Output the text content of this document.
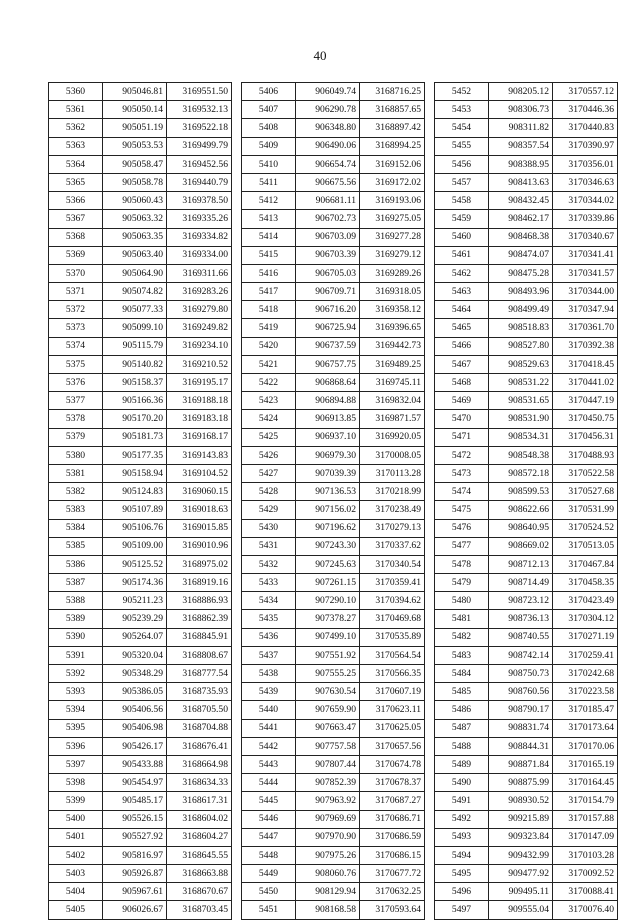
40
5360	905046.81	3169551.50
5361	905050.14	3169532.13
5362	905051.19	3169522.18
5363	905053.53	3169499.79
5364	905058.47	3169452.56
5365	905058.78	3169440.79
5366	905060.43	3169378.50
5367	905063.32	3169335.26
5368	905063.35	3169334.82
5369	905063.40	3169334.00
5370	905064.90	3169311.66
5371	905074.82	3169283.26
5372	905077.33	3169279.80
5373	905099.10	3169249.82
5374	905115.79	3169234.10
5375	905140.82	3169210.52
5376	905158.37	3169195.17
5377	905166.36	3169188.18
5378	905170.20	3169183.18
5379	905181.73	3169168.17
5380	905177.35	3169143.83
5381	905158.94	3169104.52
5382	905124.83	3169060.15
5383	905107.89	3169018.63
5384	905106.76	3169015.85
5385	905109.00	3169010.96
5386	905125.52	3168975.02
5387	905174.36	3168919.16
5388	905211.23	3168886.93
5389	905239.29	3168862.39
5390	905264.07	3168845.91
5391	905320.04	3168808.67
5392	905348.29	3168777.54
5393	905386.05	3168735.93
5394	905406.56	3168705.50
5395	905406.98	3168704.88
5396	905426.17	3168676.41
5397	905433.88	3168664.98
5398	905454.97	3168634.33
5399	905485.17	3168617.31
5400	905526.15	3168604.02
5401	905527.92	3168604.27
5402	905816.97	3168645.55
5403	905926.87	3168663.88
5404	905967.61	3168670.67
5405	906026.67	3168703.45
5406	906049.74	3168716.25
5407	906290.78	3168857.65
5408	906348.80	3168897.42
5409	906490.06	3168994.25
5410	906654.74	3169152.06
5411	906675.56	3169172.02
5412	906681.11	3169193.06
5413	906702.73	3169275.05
5414	906703.09	3169277.28
5415	906703.39	3169279.12
5416	906705.03	3169289.26
5417	906709.71	3169318.05
5418	906716.20	3169358.12
5419	906725.94	3169396.65
5420	906737.59	3169442.73
5421	906757.75	3169489.25
5422	906868.64	3169745.11
5423	906894.88	3169832.04
5424	906913.85	3169871.57
5425	906937.10	3169920.05
5426	906979.30	3170008.05
5427	907039.39	3170113.28
5428	907136.53	3170218.99
5429	907156.02	3170238.49
5430	907196.62	3170279.13
5431	907243.30	3170337.62
5432	907245.63	3170340.54
5433	907261.15	3170359.41
5434	907290.10	3170394.62
5435	907378.27	3170469.68
5436	907499.10	3170535.89
5437	907551.92	3170564.54
5438	907555.25	3170566.35
5439	907630.54	3170607.19
5440	907659.90	3170623.11
5441	907663.47	3170625.05
5442	907757.58	3170657.56
5443	907807.44	3170674.78
5444	907852.39	3170678.37
5445	907963.92	3170687.27
5446	907969.69	3170686.71
5447	907970.90	3170686.59
5448	907975.26	3170686.15
5449	908060.76	3170677.72
5450	908129.94	3170632.25
5451	908168.58	3170593.64
5452	908205.12	3170557.12
5453	908306.73	3170446.36
5454	908311.82	3170440.83
5455	908357.54	3170390.97
5456	908388.95	3170356.01
5457	908413.63	3170346.63
5458	908432.45	3170344.02
5459	908462.17	3170339.86
5460	908468.38	3170340.67
5461	908474.07	3170341.41
5462	908475.28	3170341.57
5463	908493.96	3170344.00
5464	908499.49	3170347.94
5465	908518.83	3170361.70
5466	908527.80	3170392.38
5467	908529.63	3170418.45
5468	908531.22	3170441.02
5469	908531.65	3170447.19
5470	908531.90	3170450.75
5471	908534.31	3170456.31
5472	908548.38	3170488.93
5473	908572.18	3170522.58
5474	908599.53	3170527.68
5475	908622.66	3170531.99
5476	908640.95	3170524.52
5477	908669.02	3170513.05
5478	908712.13	3170467.84
5479	908714.49	3170458.35
5480	908723.12	3170423.49
5481	908736.13	3170304.12
5482	908740.55	3170271.19
5483	908742.14	3170259.41
5484	908750.73	3170242.68
5485	908760.56	3170223.58
5486	908790.17	3170185.47
5487	908831.74	3170173.64
5488	908844.31	3170170.06
5489	908871.84	3170165.19
5490	908875.99	3170164.45
5491	908930.52	3170154.79
5492	909215.89	3170157.88
5493	909323.84	3170147.09
5494	909432.99	3170103.28
5495	909477.92	3170092.52
5496	909495.11	3170088.41
5497	909555.04	3170076.40
